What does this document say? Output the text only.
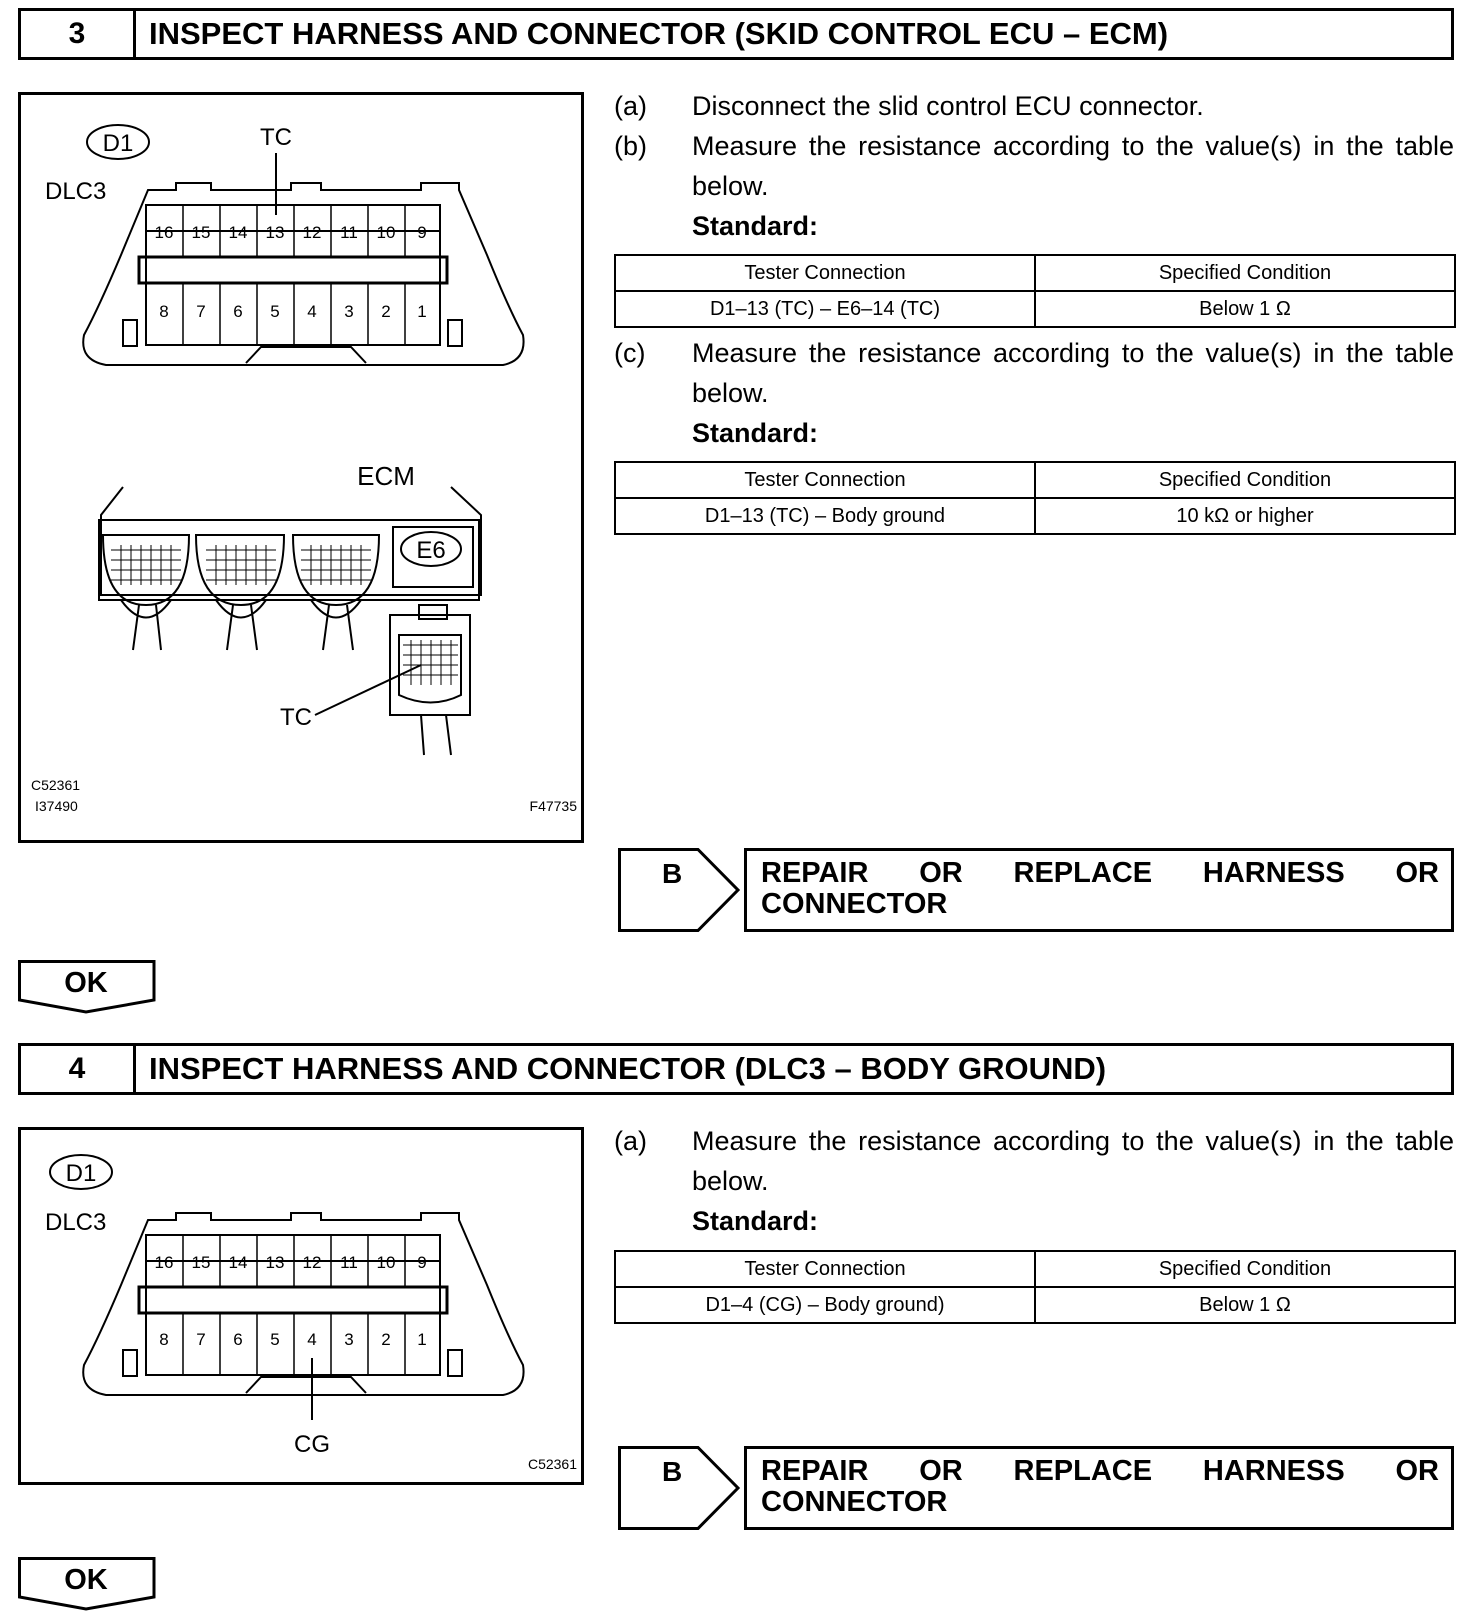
3	INSPECT HARNESS AND CONNECTOR (SKID CONTROL ECU – ECM)
16 15 14 13 12 11 10 9
8 7 6 5 4 3 2 1
D1
DLC3
TC
ECM
E6
TC
C52361
I37490	F47735
(a)	Disconnect the slid control ECU connector.
(b)	Measure the resistance according to the value(s) in the table below.
Standard:
Tester Connection	Specified Condition
D1–13 (TC) – E6–14 (TC)	Below 1 Ω
(c)	Measure the resistance according to the value(s) in the table below.
Standard:
Tester Connection	Specified Condition
D1–13 (TC) – Body ground	10 kΩ or higher
B	REPAIR OR REPLACE HARNESS OR
CONNECTOR
OK
4	INSPECT HARNESS AND CONNECTOR (DLC3 – BODY GROUND)
16 15 14 13 12 11 10 9
8 7 6 5 4 3 2 1
D1
DLC3
CG
C52361
(a)	Measure the resistance according to the value(s) in the table below.
Standard:
Tester Connection	Specified Condition
D1–4 (CG) – Body ground)	Below 1 Ω
B	REPAIR OR REPLACE HARNESS OR
CONNECTOR
OK
